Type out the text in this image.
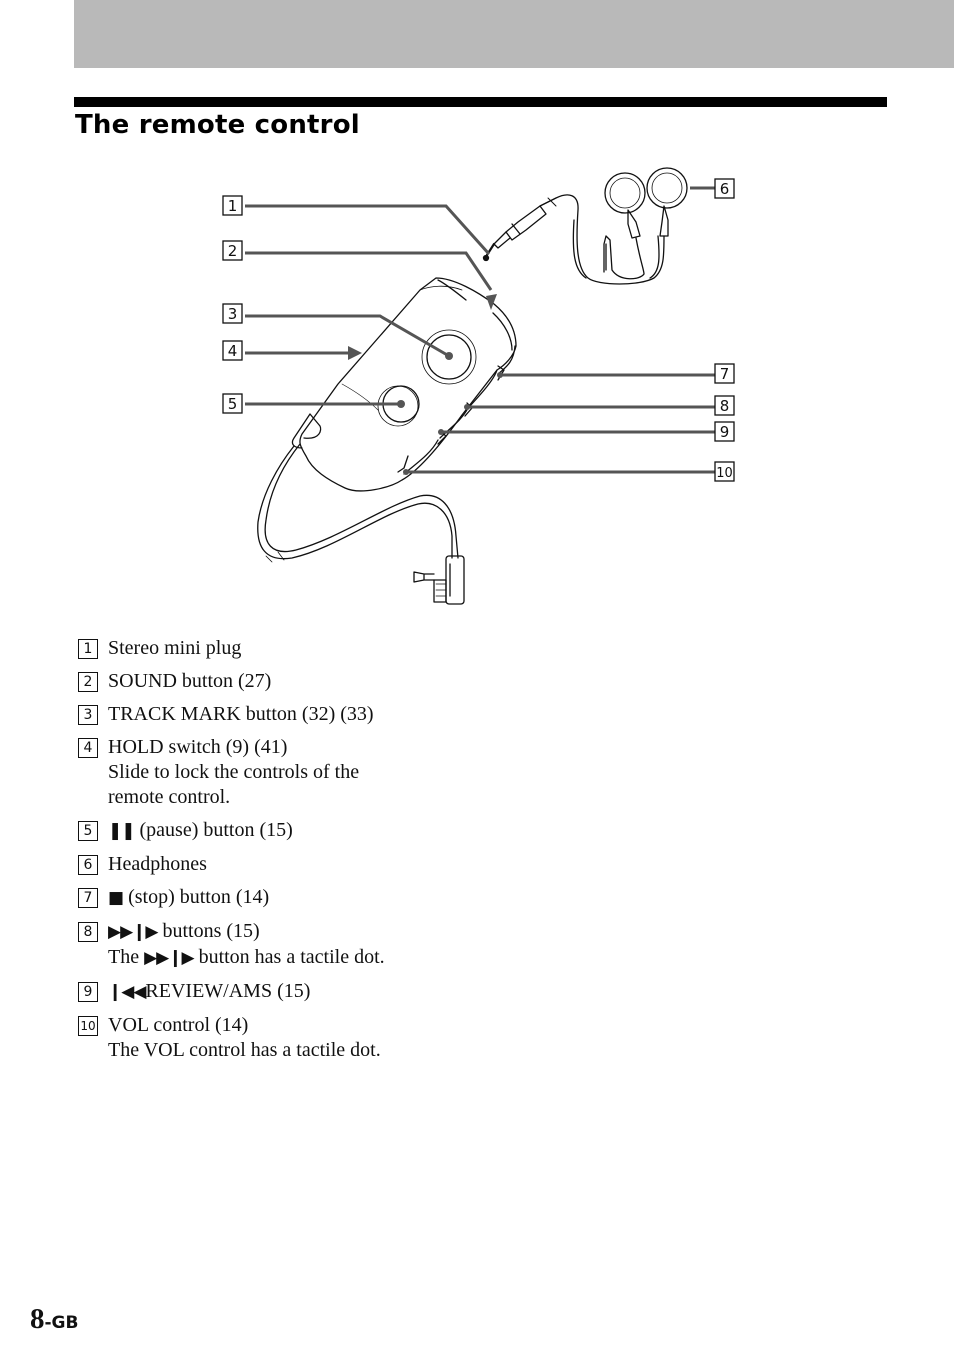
The remote control
1
2
3
4
5
6
7
8
9
10
1 Stereo mini plug
2 SOUND button (27)
3 TRACK MARK button (32) (33)
4 HOLD switch (9) (41)
Slide to lock the controls of the
remote control.
5 ❚❚ (pause) button (15)
6 Headphones
7 ■ (stop) button (14)
8 ▶▶❙▶ buttons (15)
The ▶▶❙▶ button has a tactile dot.
9 ❙◀◀REVIEW/AMS (15)
10 VOL control (14)
The VOL control has a tactile dot.
8-GB
